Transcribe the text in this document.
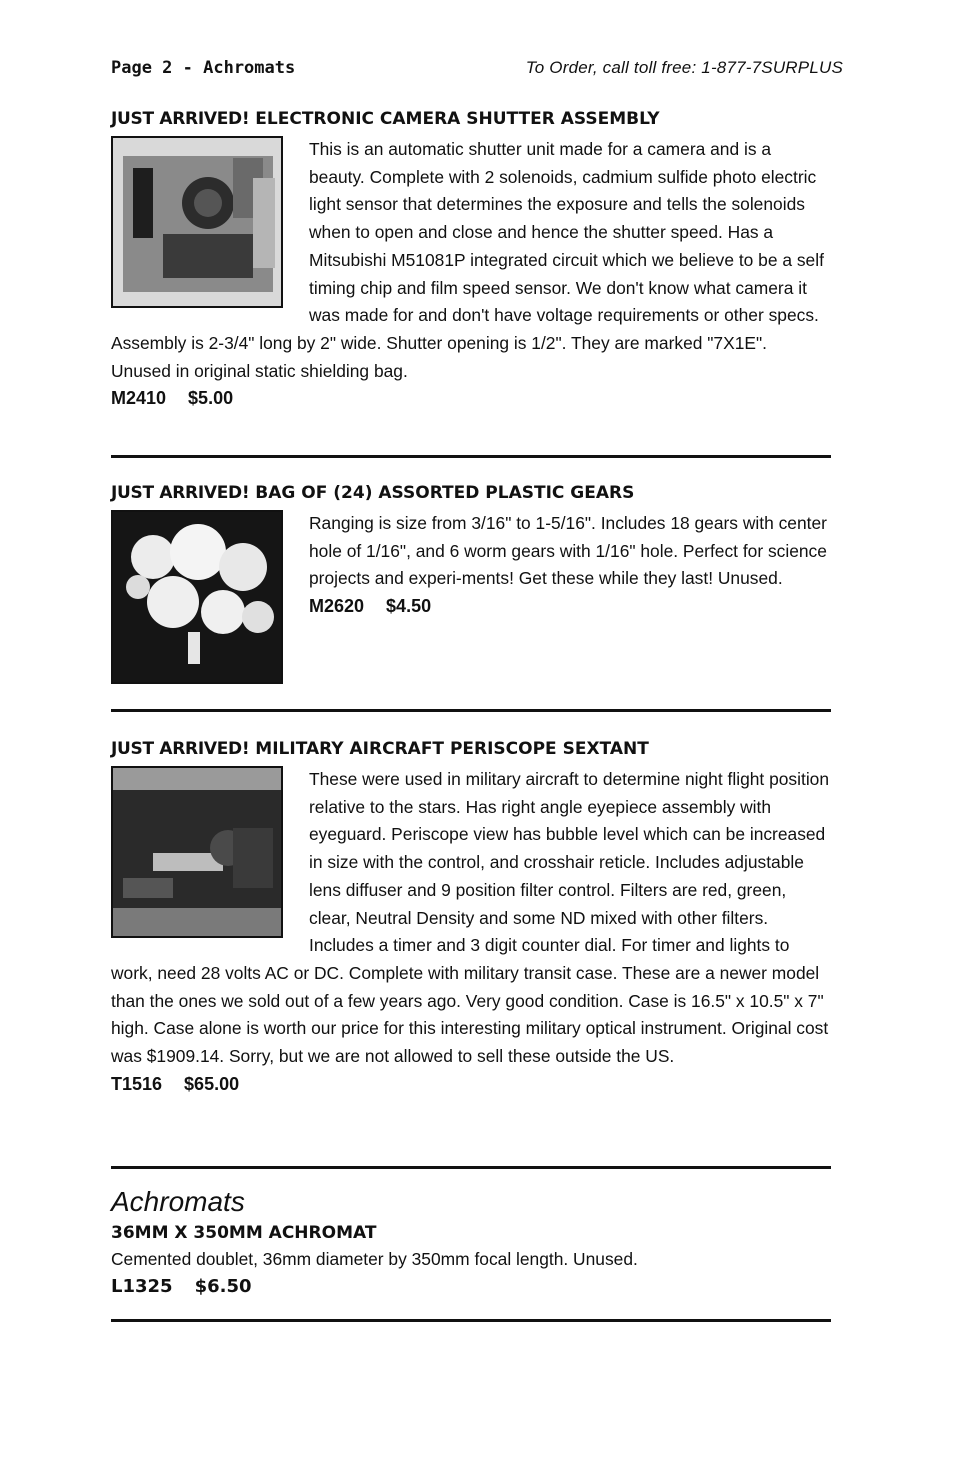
Page 2 - Achromats	To Order, call toll free: 1-877-7SURPLUS
JUST ARRIVED! ELECTRONIC CAMERA SHUTTER ASSEMBLY
This is an automatic shutter unit made for a camera and is a beauty. Complete with 2 solenoids, cadmium sulfide photo electric light sensor that determines the exposure and tells the solenoids when to open and close and hence the shutter speed. Has a Mitsubishi M51081P integrated circuit which we believe to be a self timing chip and film speed sensor. We don't know what camera it was made for and don't have voltage requirements or other specs. Assembly is 2-3/4" long by 2" wide. Shutter opening is 1/2". They are marked "7X1E". Unused in original static shielding bag.
M2410 $5.00
JUST ARRIVED! BAG OF (24) ASSORTED PLASTIC GEARS
Ranging is size from 3/16" to 1-5/16". Includes 18 gears with center hole of 1/16", and 6 worm gears with 1/16" hole. Perfect for science projects and experi-ments! Get these while they last! Unused.
M2620 $4.50
JUST ARRIVED! MILITARY AIRCRAFT PERISCOPE SEXTANT
These were used in military aircraft to determine night flight position relative to the stars. Has right angle eyepiece assembly with eyeguard. Periscope view has bubble level which can be increased in size with the control, and crosshair reticle. Includes adjustable lens diffuser and 9 position filter control. Filters are red, green, clear, Neutral Density and some ND mixed with other filters. Includes a timer and 3 digit counter dial. For timer and lights to work, need 28 volts AC or DC. Complete with military transit case. These are a newer model than the ones we sold out of a few years ago. Very good condition. Case is 16.5" x 10.5" x 7" high. Case alone is worth our price for this interesting military optical instrument. Original cost was $1909.14. Sorry, but we are not allowed to sell these outside the US.
T1516 $65.00
Achromats
36MM X 350MM ACHROMAT
Cemented doublet, 36mm diameter by 350mm focal length. Unused.
L1325 $6.50
